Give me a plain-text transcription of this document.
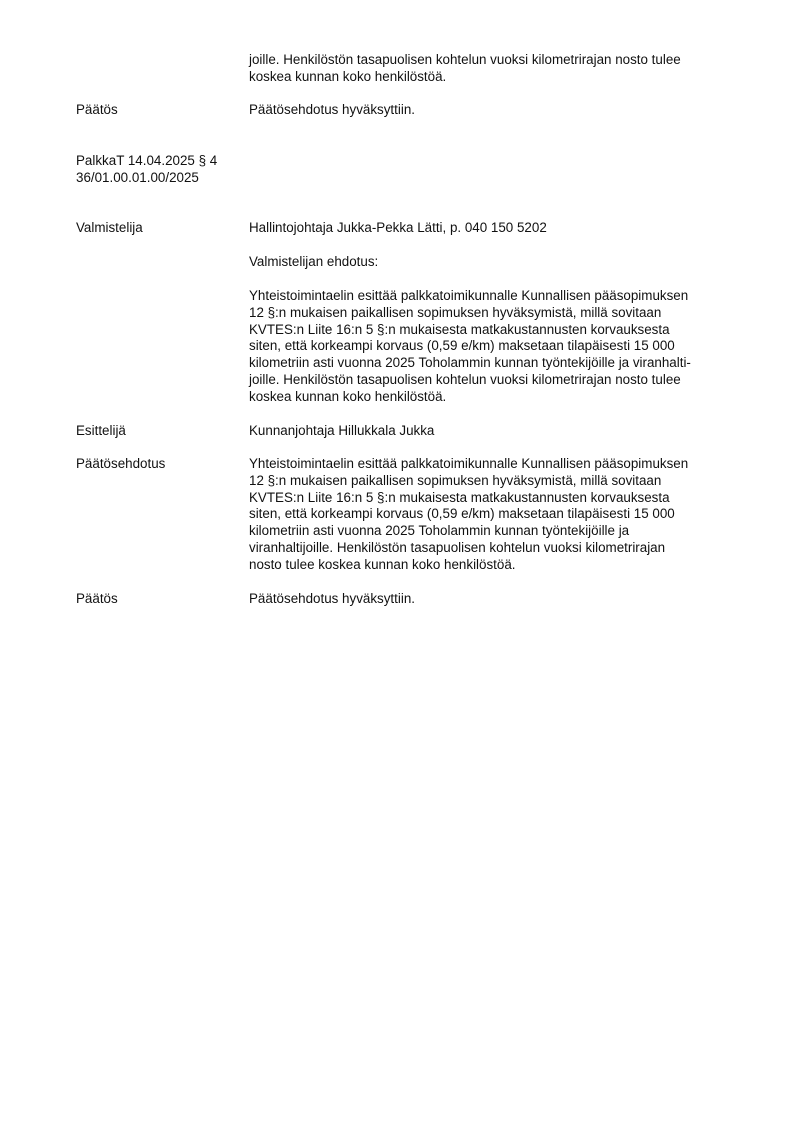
joille. Henkilöstön tasapuolisen kohtelun vuoksi kilometrirajan nosto tulee
koskea kunnan koko henkilöstöä.
Päätös	Päätösehdotus hyväksyttiin.
PalkkaT 14.04.2025 § 4
36/01.00.01.00/2025
Valmistelija	Hallintojohtaja Jukka-Pekka Lätti, p. 040 150 5202
Valmistelijan ehdotus:
Yhteistoimintaelin esittää palkkatoimikunnalle Kunnallisen pääsopimuksen
12 §:n mukaisen paikallisen sopimuksen hyväksymistä, millä sovitaan
KVTES:n Liite 16:n 5 §:n mukaisesta matkakustannusten korvauksesta
siten, että korkeampi korvaus (0,59 e/km) maksetaan tilapäisesti 15 000
kilometriin asti vuonna 2025 Toholammin kunnan työntekijöille ja viranhalti-
joille. Henkilöstön tasapuolisen kohtelun vuoksi kilometrirajan nosto tulee
koskea kunnan koko henkilöstöä.
Esittelijä	Kunnanjohtaja Hillukkala Jukka
Päätösehdotus	Yhteistoimintaelin esittää palkkatoimikunnalle Kunnallisen pääsopimuksen
12 §:n mukaisen paikallisen sopimuksen hyväksymistä, millä sovitaan
KVTES:n Liite 16:n 5 §:n mukaisesta matkakustannusten korvauksesta
siten, että korkeampi korvaus (0,59 e/km) maksetaan tilapäisesti 15 000
kilometriin asti vuonna 2025 Toholammin kunnan työntekijöille ja
viranhaltijoille. Henkilöstön tasapuolisen kohtelun vuoksi kilometrirajan
nosto tulee koskea kunnan koko henkilöstöä.
Päätös	Päätösehdotus hyväksyttiin.
